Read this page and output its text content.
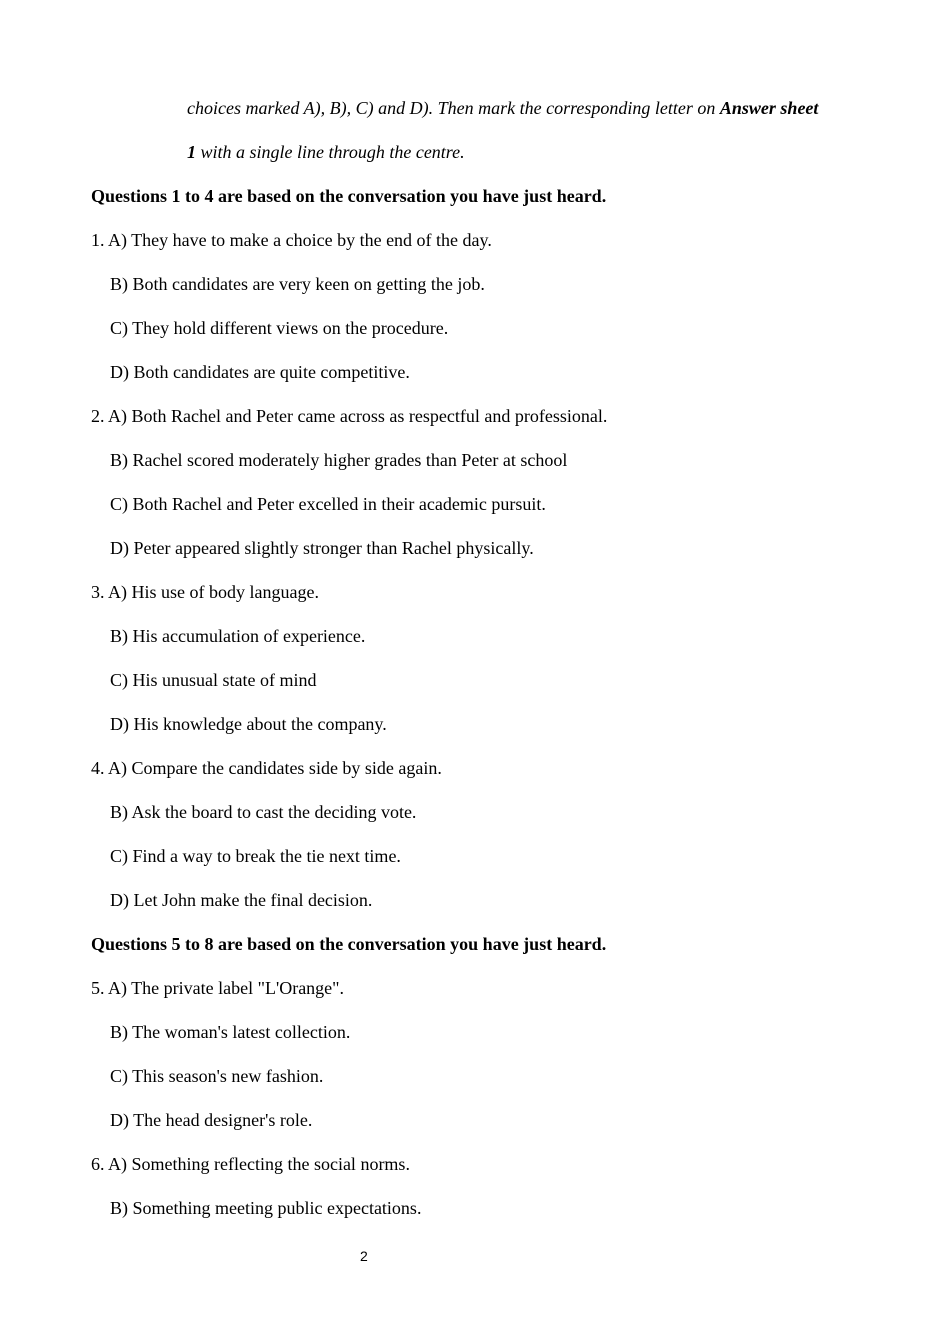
choices marked A), B), C) and D). Then mark the corresponding letter on Answer sheet
1 with a single line through the centre.
Questions 1 to 4 are based on the conversation you have just heard.
1. A) They have to make a choice by the end of the day.
B) Both candidates are very keen on getting the job.
C) They hold different views on the procedure.
D) Both candidates are quite competitive.
2. A) Both Rachel and Peter came across as respectful and professional.
B) Rachel scored moderately higher grades than Peter at school
C) Both Rachel and Peter excelled in their academic pursuit.
D) Peter appeared slightly stronger than Rachel physically.
3. A) His use of body language.
B) His accumulation of experience.
C) His unusual state of mind
D) His knowledge about the company.
4. A) Compare the candidates side by side again.
B) Ask the board to cast the deciding vote.
C) Find a way to break the tie next time.
D) Let John make the final decision.
Questions 5 to 8 are based on the conversation you have just heard.
5. A) The private label "L'Orange".
B) The woman's latest collection.
C) This season's new fashion.
D) The head designer's role.
6. A) Something reflecting the social norms.
B) Something meeting public expectations.
2
